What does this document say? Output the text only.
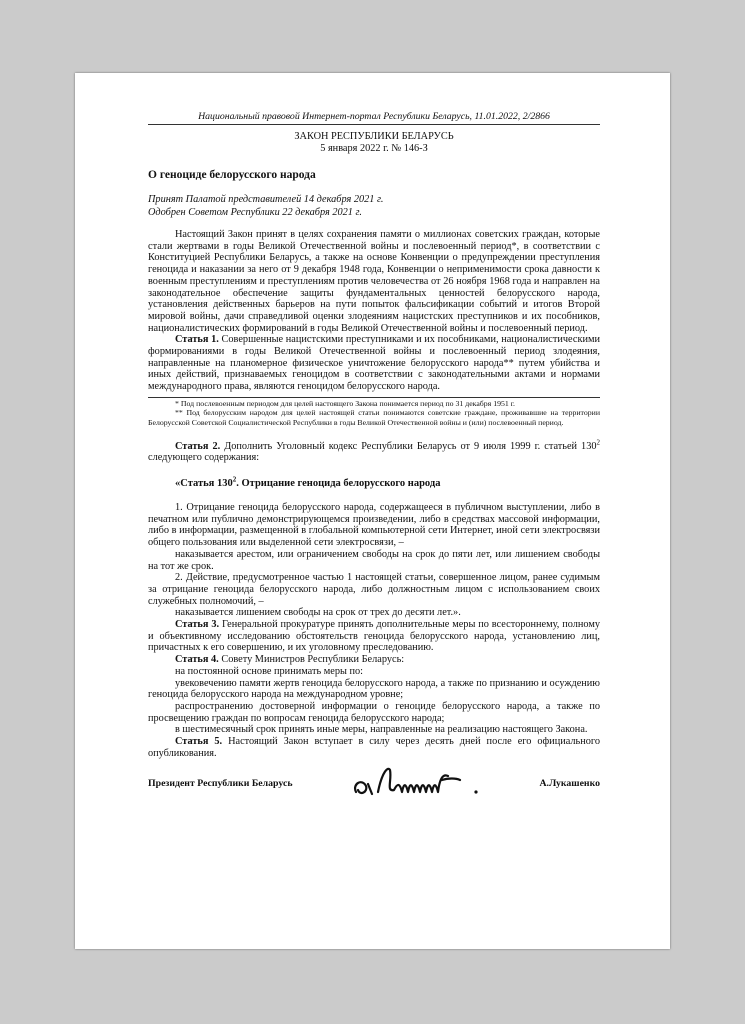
Национальный правовой Интернет-портал Республики Беларусь, 11.01.2022, 2/2866
ЗАКОН РЕСПУБЛИКИ БЕЛАРУСЬ
5 января 2022 г. № 146-З
О геноциде белорусского народа
Принят Палатой представителей 14 декабря 2021 г.
Одобрен Советом Республики 22 декабря 2021 г.

Настоящий Закон принят в целях сохранения памяти о миллионах советских граждан, которые стали жертвами в годы Великой Отечественной войны и послевоенный период*, в соответствии с Конституцией Республики Беларусь, а также на основе Конвенции о предупреждении преступления геноцида и наказании за него от 9 декабря 1948 года, Конвенции о неприменимости срока давности к военным преступлениям и преступлениям против человечества от 26 ноября 1968 года и направлен на законодательное обеспечение защиты фундаментальных ценностей белорусского народа, установления действенных барьеров на пути попыток фальсификации событий и итогов Второй мировой войны, дачи справедливой оценки злодеяниям нацистских преступников и их пособников, националистических формирований в годы Великой Отечественной войны и послевоенный период.

Статья 1. Совершенные нацистскими преступниками и их пособниками, националистическими формированиями в годы Великой Отечественной войны и послевоенный период злодеяния, направленные на планомерное физическое уничтожение белорусского народа** путем убийства и иных действий, признаваемых геноцидом в соответствии с законодательными актами и нормами международного права, являются геноцидом белорусского народа.

* Под послевоенным периодом для целей настоящего Закона понимается период по 31 декабря 1951 г.

** Под белорусским народом для целей настоящей статьи понимаются советские граждане, проживавшие на территории Белорусской Советской Социалистической Республики в годы Великой Отечественной войны и (или) послевоенный период.

Статья 2. Дополнить Уголовный кодекс Республики Беларусь от 9 июля 1999 г. статьей $130^2$ следующего содержания:

«Статья $130^2$. Отрицание геноцида белорусского народа

1. Отрицание геноцида белорусского народа, содержащееся в публичном выступлении, либо в печатном или публично демонстрирующемся произведении, либо в средствах массовой информации, либо в информации, размещенной в глобальной компьютерной сети Интернет, иной сети электросвязи общего пользования или выделенной сети электросвязи, –

наказывается арестом, или ограничением свободы на срок до пяти лет, или лишением свободы на тот же срок.

2. Действие, предусмотренное частью 1 настоящей статьи, совершенное лицом, ранее судимым за отрицание геноцида белорусского народа, либо должностным лицом с использованием своих служебных полномочий, –

наказывается лишением свободы на срок от трех до десяти лет.».

Статья 3. Генеральной прокуратуре принять дополнительные меры по всестороннему, полному и объективному исследованию обстоятельств геноцида белорусского народа, установлению лиц, причастных к его совершению, и их уголовному преследованию.

Статья 4. Совету Министров Республики Беларусь:

на постоянной основе принимать меры по:

увековечению памяти жертв геноцида белорусского народа, а также по признанию и осуждению геноцида белорусского народа на международном уровне;

распространению достоверной информации о геноциде белорусского народа, а также по просвещению граждан по вопросам геноцида белорусского народа;

в шестимесячный срок принять иные меры, направленные на реализацию настоящего Закона.

Статья 5. Настоящий Закон вступает в силу через десять дней после его официального опубликования.

Президент Республики Беларусь	А.Лукашенко
